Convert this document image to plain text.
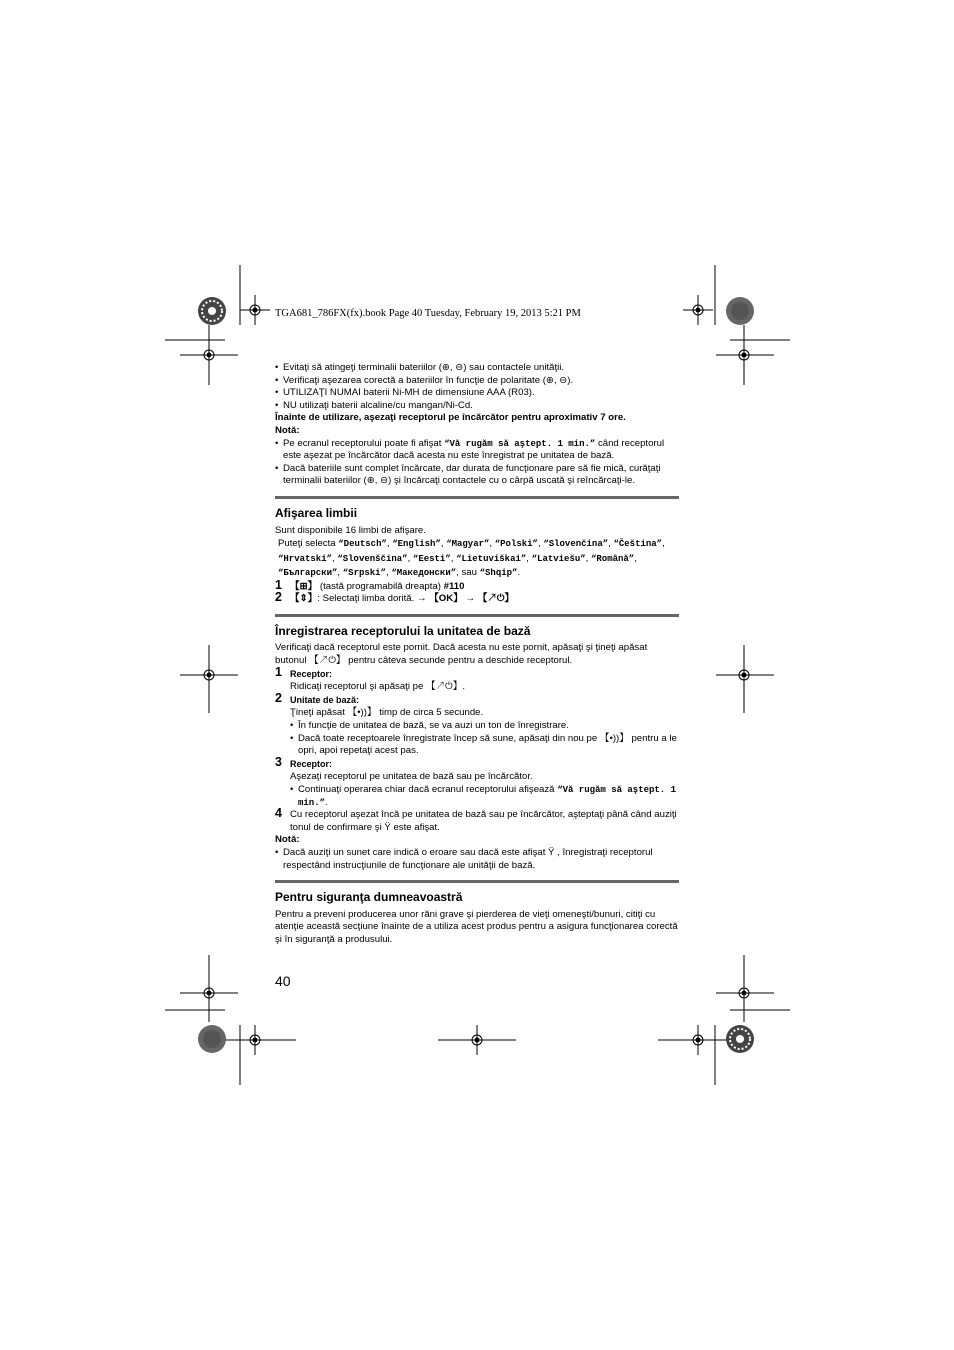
TGA681_786FX(fx).book Page 40 Tuesday, February 19, 2013 5:21 PM

• Evitaţi să atingeţi terminalii bateriilor (⊕, ⊖) sau contactele unităţii.

• Verificaţi aşezarea corectă a bateriilor în funcţie de polaritate (⊕, ⊖).

• UTILIZAŢI NUMAI baterii Ni-MH de dimensiune AAA (R03).

• NU utilizaţi baterii alcaline/cu mangan/Ni-Cd.

Înainte de utilizare, aşezaţi receptorul pe încărcător pentru aproximativ 7 ore.

Notă:

• Pe ecranul receptorului poate fi afişat “Vă rugăm să aştept. 1 min.” când receptorul este aşezat pe încărcător dacă acesta nu este înregistrat pe unitatea de bază.

• Dacă bateriile sunt complet încărcate, dar durata de funcţionare pare să fie mică, curăţaţi terminalii bateriilor (⊕, ⊖) şi încărcaţi contactele cu o cârpă uscată şi reîncărcaţi-le.

Afişarea limbii

Sunt disponibile 16 limbi de afişare.

Puteţi selecta “Deutsch”, “English”, “Magyar”, “Polski”, “Slovenčina”, “Čeština”, “Hrvatski”, “Slovenščina”, “Eesti”, “Lietuviškai”, “Latviešu”, “Română”, “Български”, “Srpski”, “Македонски”, sau “Shqip”.

1 【⊞】 (tastă programabilă dreapta) #110

2 【⇕】: Selectaţi limba dorită. → 【OK】 → 【↗⏻】

Înregistrarea receptorului la unitatea de bază

Verificaţi dacă receptorul este pornit. Dacă acesta nu este pornit, apăsaţi şi ţineţi apăsat butonul 【↗⏻】 pentru câteva secunde pentru a deschide receptorul.

1 Receptor:

Ridicaţi receptorul şi apăsaţi pe 【↗⏻】.

2 Unitate de bază:

Ţineţi apăsat 【•))】 timp de circa 5 secunde.

• În funcţie de unitatea de bază, se va auzi un ton de înregistrare.

• Dacă toate receptoarele înregistrate încep să sune, apăsaţi din nou pe 【•))】 pentru a le opri, apoi repetaţi acest pas.

3 Receptor:

Aşezaţi receptorul pe unitatea de bază sau pe încărcător.

• Continuaţi operarea chiar dacă ecranul receptorului afişează “Vă rugăm să aştept. 1 min.”.

4 Cu receptorul aşezat încă pe unitatea de bază sau pe încărcător, aşteptaţi până când auziţi tonul de confirmare şi Ÿ este afişat.

Notă:

• Dacă auziţi un sunet care indică o eroare sau dacă este afişat Ÿ , înregistraţi receptorul respectând instrucţiunile de funcţionare ale unităţii de bază.

Pentru siguranţa dumneavoastră

Pentru a preveni producerea unor răni grave şi pierderea de vieţi omeneşti/bunuri, citiţi cu atenţie această secţiune înainte de a utiliza acest produs pentru a asigura funcţionarea corectă şi în siguranţă a produsului.

40
